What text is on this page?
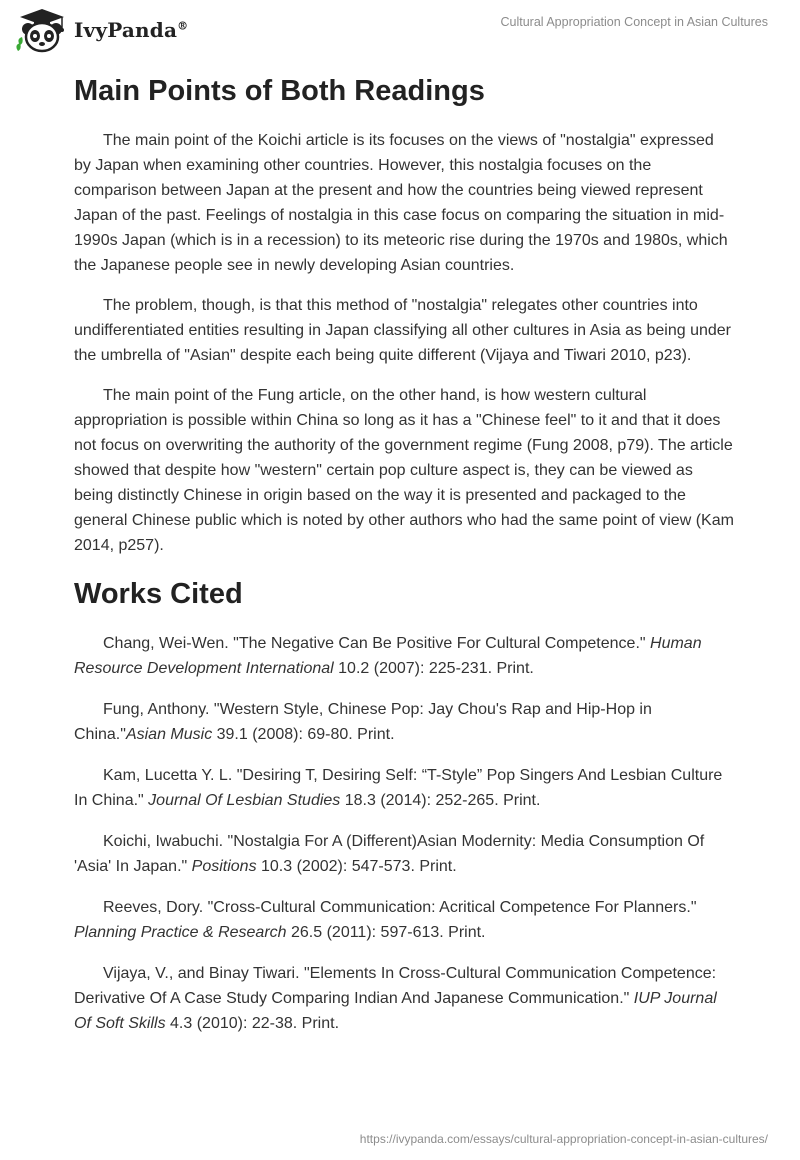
IvyPanda®	Cultural Appropriation Concept in Asian Cultures
Main Points of Both Readings

The main point of the Koichi article is its focuses on the views of "nostalgia" expressed by Japan when examining other countries. However, this nostalgia focuses on the comparison between Japan at the present and how the countries being viewed represent Japan of the past. Feelings of nostalgia in this case focus on comparing the situation in mid-1990s Japan (which is in a recession) to its meteoric rise during the 1970s and 1980s, which the Japanese people see in newly developing Asian countries.

The problem, though, is that this method of "nostalgia" relegates other countries into undifferentiated entities resulting in Japan classifying all other cultures in Asia as being under the umbrella of "Asian" despite each being quite different (Vijaya and Tiwari 2010, p23).

The main point of the Fung article, on the other hand, is how western cultural appropriation is possible within China so long as it has a "Chinese feel" to it and that it does not focus on overwriting the authority of the government regime (Fung 2008, p79). The article showed that despite how "western" certain pop culture aspect is, they can be viewed as being distinctly Chinese in origin based on the way it is presented and packaged to the general Chinese public which is noted by other authors who had the same point of view (Kam 2014, p257).

Works Cited

Chang, Wei-Wen. "The Negative Can Be Positive For Cultural Competence." Human Resource Development International 10.2 (2007): 225-231. Print.

Fung, Anthony. "Western Style, Chinese Pop: Jay Chou's Rap and Hip-Hop in China."Asian Music 39.1 (2008): 69-80. Print.

Kam, Lucetta Y. L. "Desiring T, Desiring Self: “T-Style” Pop Singers And Lesbian Culture In China." Journal Of Lesbian Studies 18.3 (2014): 252-265. Print.

Koichi, Iwabuchi. "Nostalgia For A (Different)Asian Modernity: Media Consumption Of 'Asia' In Japan." Positions 10.3 (2002): 547-573. Print.

Reeves, Dory. "Cross-Cultural Communication: Acritical Competence For Planners." Planning Practice & Research 26.5 (2011): 597-613. Print.

Vijaya, V., and Binay Tiwari. "Elements In Cross-Cultural Communication Competence: Derivative Of A Case Study Comparing Indian And Japanese Communication." IUP Journal Of Soft Skills 4.3 (2010): 22-38. Print.

https://ivypanda.com/essays/cultural-appropriation-concept-in-asian-cultures/
